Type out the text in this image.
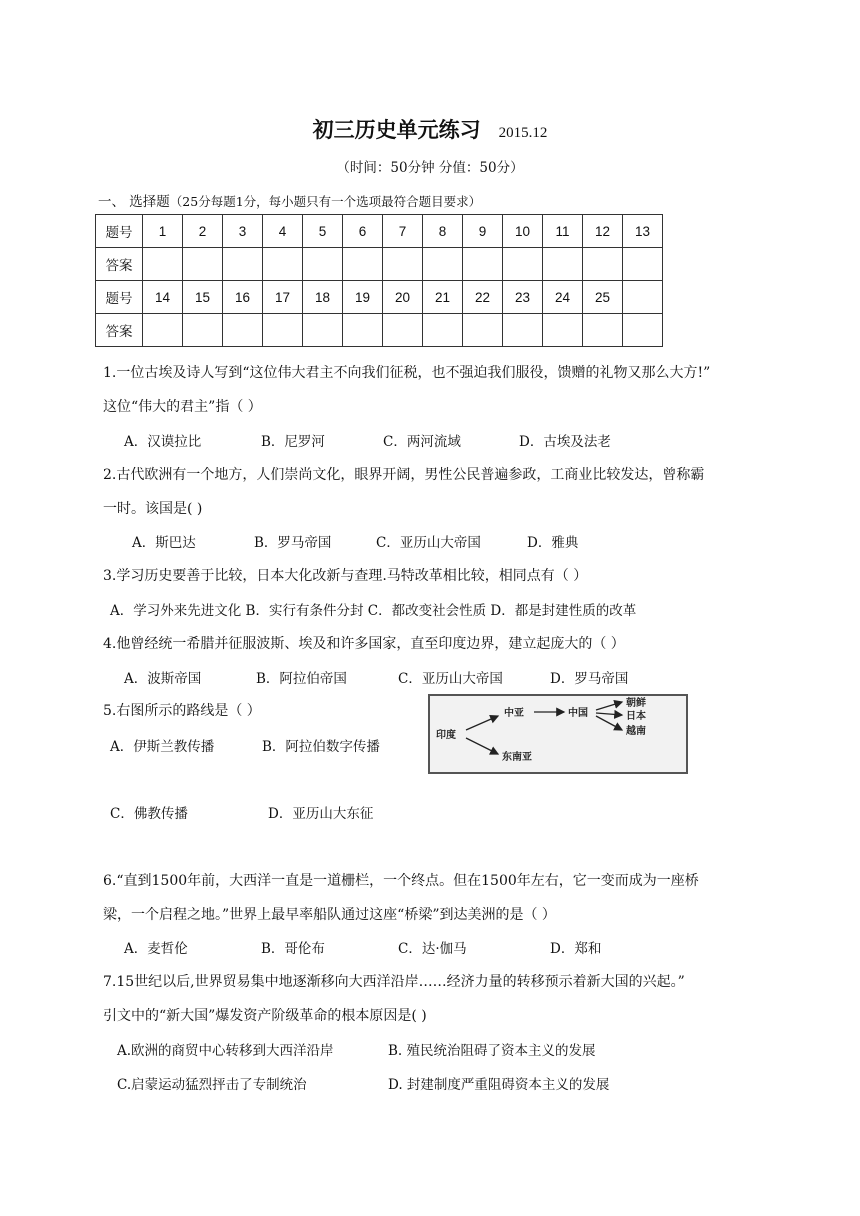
初三历史单元练习 2015.12
（时间：50分钟 分值：50分）
一、 选择题（25分每题1分，每小题只有一个选项最符合题目要求）
题号	1	2	3	4	5	6	7	8	9	10	11	12	13
答案													
题号	14	15	16	17	18	19	20	21	22	23	24	25	
答案													
1.一位古埃及诗人写到“这位伟大君主不向我们征税，也不强迫我们服役，馈赠的礼物又那么大方!”
这位“伟大的君主”指（ ）
A．汉谟拉比	B．尼罗河	C．两河流域	D．古埃及法老
2.古代欧洲有一个地方，人们崇尚文化，眼界开阔，男性公民普遍参政，工商业比较发达，曾称霸
一时。该国是( )
A．斯巴达	B．罗马帝国	C．亚历山大帝国	D．雅典
3.学习历史要善于比较，日本大化改新与查理.马特改革相比较，相同点有（ ）
A．学习外来先进文化 B．实行有条件分封 C．都改变社会性质 D．都是封建性质的改革
4.他曾经统一希腊并征服波斯、埃及和许多国家，直至印度边界，建立起庞大的（ ）
A．波斯帝国	B．阿拉伯帝国	C．亚历山大帝国	D．罗马帝国
5.右图所示的路线是（ ）
A．伊斯兰教传播	B．阿拉伯数字传播
C．佛教传播	D．亚历山大东征
印度
中亚	中国
朝鲜
日本
越南
东南亚
6.“直到1500年前，大西洋一直是一道栅栏，一个终点。但在1500年左右，它一变而成为一座桥
梁，一个启程之地。”世界上最早率船队通过这座“桥梁”到达美洲的是（ ）
A．麦哲伦	B．哥伦布	C．达·伽马	D．郑和
7.15世纪以后,世界贸易集中地逐渐移向大西洋沿岸……经济力量的转移预示着新大国的兴起。”
引文中的“新大国”爆发资产阶级革命的根本原因是( )
A.欧洲的商贸中心转移到大西洋沿岸	B. 殖民统治阻碍了资本主义的发展
C.启蒙运动猛烈抨击了专制统治	D. 封建制度严重阻碍资本主义的发展
